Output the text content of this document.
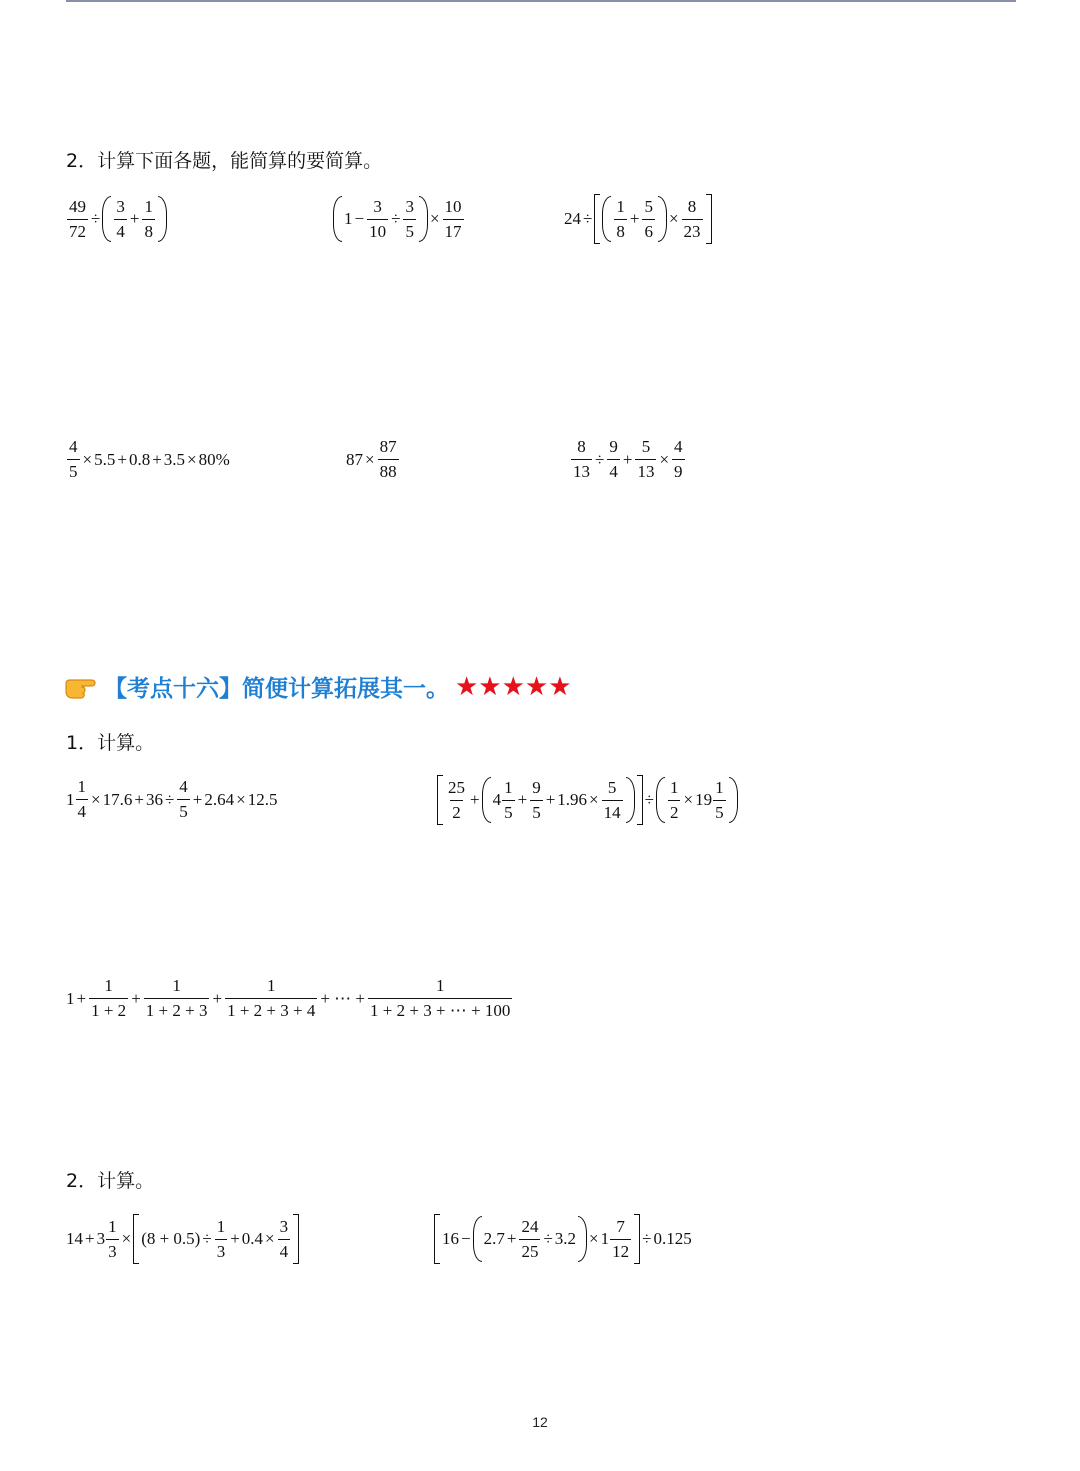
2．计算下面各题，能简算的要简算。
$\frac{49}{72} \div \frac{3}{4} + \frac{1}{8}$	$1 - \frac{3}{10} \div \frac{3}{5} \times \frac{10}{17}$	$24 \div \frac{1}{8} + \frac{5}{6} \times \frac{8}{23}$
$\frac{4}{5} \times 5.5 + 0.8 + 3.5 \times 80\%$	$87 \times \frac{87}{88}$	$\frac{8}{13} \div \frac{9}{4} + \frac{5}{13} \times \frac{4}{9}$
【考点十六】简便计算拓展其一。 ★★★★★
1．计算。
$1 \frac{1}{4} \times 17.6 + 36 \div \frac{4}{5} + 2.64 \times 12.5$	$\frac{25}{2} + 4 \frac{1}{5} + \frac{9}{5} + 1.96 \times \frac{5}{14} \div \frac{1}{2} \times 19 \frac{1}{5}$
$1 + \frac{1}{1 + 2} + \frac{1}{1 + 2 + 3} + \frac{1}{1 + 2 + 3 + 4}$ + ⋯ + $\frac{1}{1 + 2 + 3 + \cdots + 100}$
2．计算。
$14 + 3 \frac{1}{3} \times (8 + 0.5) \div \frac{1}{3} + 0.4 \times \frac{3}{4}$	$16 - 2.7 + \frac{24}{25} \div 3.2 \times 1 \frac{7}{12} \div 0.125$
12
